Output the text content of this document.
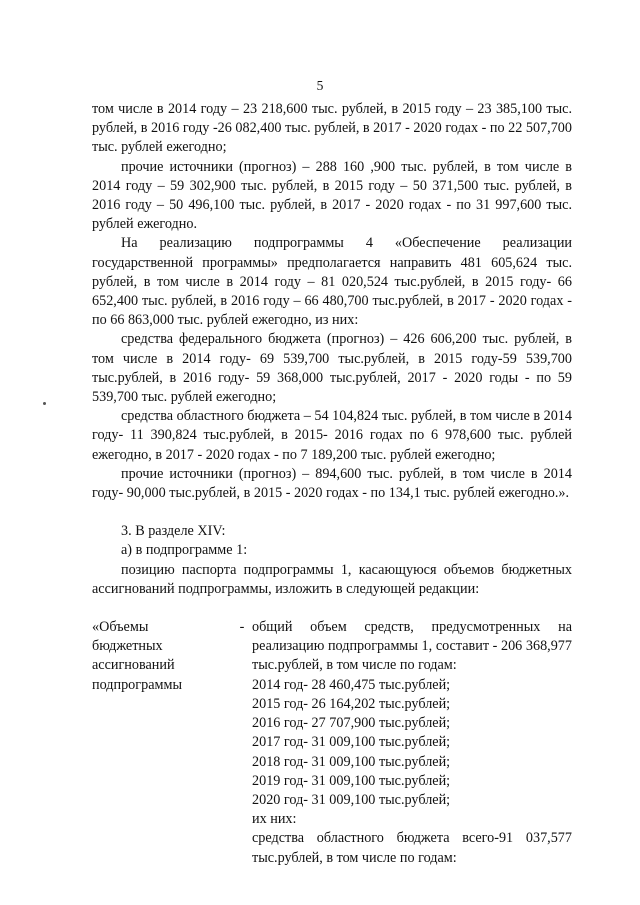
5

том числе в 2014 году – 23 218,600 тыс. рублей, в 2015 году – 23 385,100 тыс. рублей, в 2016 году -26 082,400 тыс. рублей, в 2017 - 2020 годах - по 22 507,700 тыс. рублей ежегодно;

прочие источники (прогноз) – 288 160 ,900 тыс. рублей, в том числе в 2014 году – 59 302,900 тыс. рублей, в 2015 году – 50 371,500 тыс. рублей, в 2016 году – 50 496,100 тыс. рублей, в 2017 - 2020 годах - по 31 997,600 тыс. рублей ежегодно.

На реализацию подпрограммы 4 «Обеспечение реализации государственной программы» предполагается направить 481 605,624 тыс. рублей, в том числе в 2014 году – 81 020,524 тыс.рублей, в 2015 году- 66 652,400 тыс. рублей, в 2016 году – 66 480,700 тыс.рублей, в 2017 - 2020 годах - по 66 863,000 тыс. рублей ежегодно, из них:

средства федерального бюджета (прогноз) – 426 606,200 тыс. рублей, в том числе в 2014 году- 69 539,700 тыс.рублей, в 2015 году-59 539,700 тыс.рублей, в 2016 году- 59 368,000 тыс.рублей, 2017 - 2020 годы - по 59 539,700 тыс. рублей ежегодно;

средства областного бюджета – 54 104,824 тыс. рублей, в том числе в 2014 году- 11 390,824 тыс.рублей, в 2015- 2016 годах по 6 978,600 тыс. рублей ежегодно, в 2017 - 2020 годах - по 7 189,200 тыс. рублей ежегодно;

прочие источники (прогноз) – 894,600 тыс. рублей, в том числе в 2014 году- 90,000 тыс.рублей, в 2015 - 2020 годах - по 134,1 тыс. рублей ежегодно.».

3. В разделе XIV:

а) в подпрограмме 1:

позицию паспорта подпрограммы 1, касающуюся объемов бюджетных ассигнований подпрограммы, изложить в следующей редакции:

«Объемы
бюджетных
ассигнований
подпрограммы
- общий объем средств, предусмотренных на реализацию подпрограммы 1, составит - 206 368,977 тыс.рублей, в том числе по годам:
2014 год- 28 460,475 тыс.рублей;
2015 год- 26 164,202 тыс.рублей;
2016 год- 27 707,900 тыс.рублей;
2017 год- 31 009,100 тыс.рублей;
2018 год- 31 009,100 тыс.рублей;
2019 год- 31 009,100 тыс.рублей;
2020 год- 31 009,100 тыс.рублей;
их них:
средства областного бюджета всего-91 037,577 тыс.рублей, в том числе по годам:
